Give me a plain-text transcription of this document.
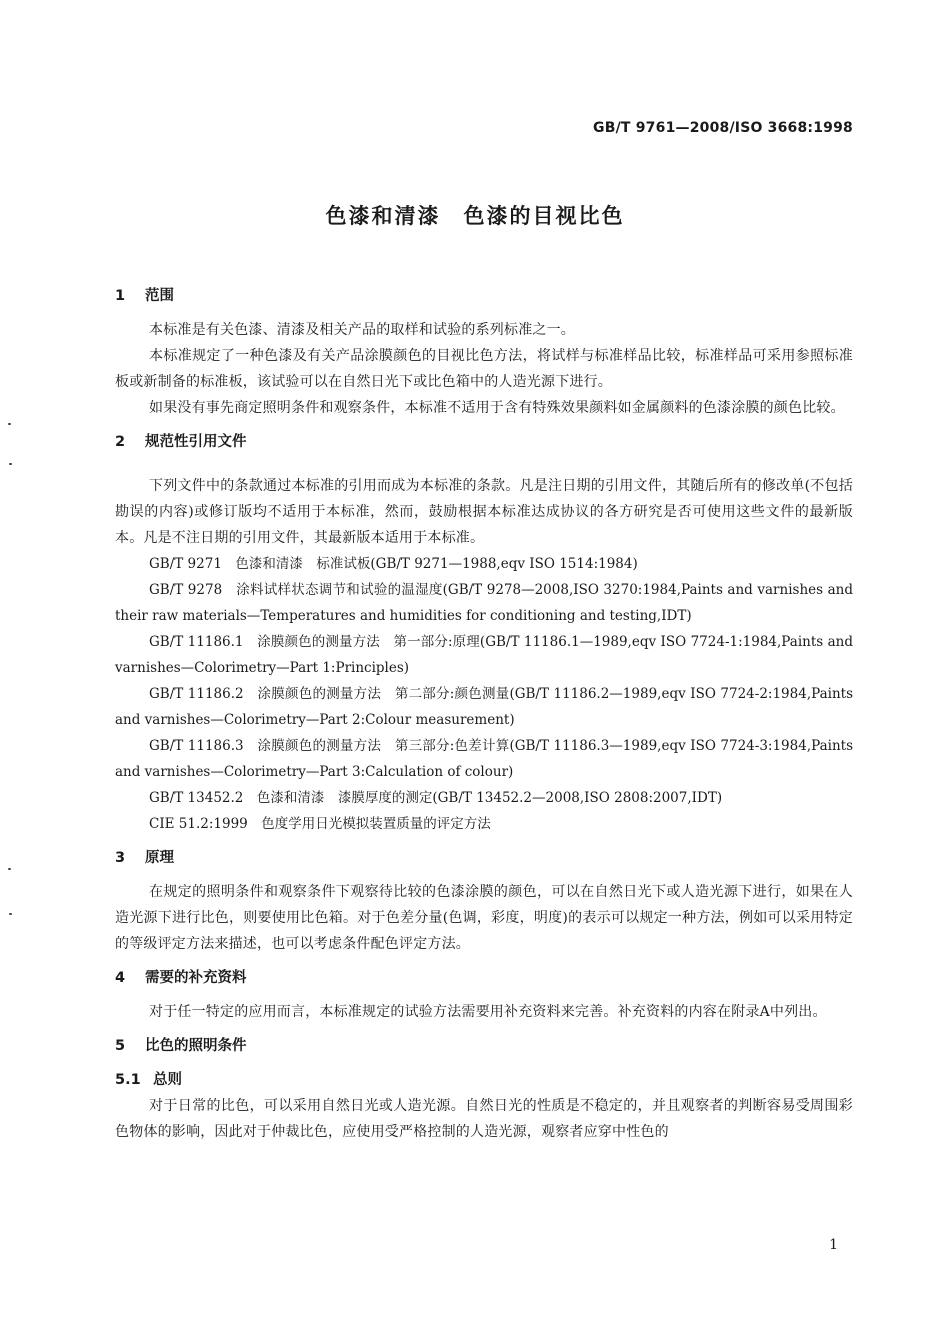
GB/T 9761—2008/ISO 3668:1998
色漆和清漆　色漆的目视比色
1 范围

本标准是有关色漆、清漆及相关产品的取样和试验的系列标准之一。

本标准规定了一种色漆及有关产品涂膜颜色的目视比色方法，将试样与标准样品比较，标准样品可采用参照标准板或新制备的标准板，该试验可以在自然日光下或比色箱中的人造光源下进行。

如果没有事先商定照明条件和观察条件，本标准不适用于含有特殊效果颜料如金属颜料的色漆涂膜的颜色比较。

2 规范性引用文件

下列文件中的条款通过本标准的引用而成为本标准的条款。凡是注日期的引用文件，其随后所有的修改单(不包括勘误的内容)或修订版均不适用于本标准，然而，鼓励根据本标准达成协议的各方研究是否可使用这些文件的最新版本。凡是不注日期的引用文件，其最新版本适用于本标准。

GB/T 9271　色漆和清漆　标准试板(GB/T 9271—1988,eqv ISO 1514:1984)

GB/T 9278　涂料试样状态调节和试验的温湿度(GB/T 9278—2008,ISO 3270:1984,Paints and varnishes and their raw materials—Temperatures and humidities for conditioning and testing,IDT)

GB/T 11186.1　涂膜颜色的测量方法　第一部分:原理(GB/T 11186.1—1989,eqv ISO 7724-1:1984,Paints and varnishes—Colorimetry—Part 1:Principles)

GB/T 11186.2　涂膜颜色的测量方法　第二部分:颜色测量(GB/T 11186.2—1989,eqv ISO 7724-2:1984,Paints and varnishes—Colorimetry—Part 2:Colour measurement)

GB/T 11186.3　涂膜颜色的测量方法　第三部分:色差计算(GB/T 11186.3—1989,eqv ISO 7724-3:1984,Paints and varnishes—Colorimetry—Part 3:Calculation of colour)

GB/T 13452.2　色漆和清漆　漆膜厚度的测定(GB/T 13452.2—2008,ISO 2808:2007,IDT)

CIE 51.2:1999　色度学用日光模拟装置质量的评定方法

3 原理

在规定的照明条件和观察条件下观察待比较的色漆涂膜的颜色，可以在自然日光下或人造光源下进行，如果在人造光源下进行比色，则要使用比色箱。对于色差分量(色调，彩度，明度)的表示可以规定一种方法，例如可以采用特定的等级评定方法来描述，也可以考虑条件配色评定方法。

4 需要的补充资料

对于任一特定的应用而言，本标准规定的试验方法需要用补充资料来完善。补充资料的内容在附录A中列出。

5 比色的照明条件
5.1 总则

对于日常的比色，可以采用自然日光或人造光源。自然日光的性质是不稳定的，并且观察者的判断容易受周围彩色物体的影响，因此对于仲裁比色，应使用受严格控制的人造光源，观察者应穿中性色的

1
